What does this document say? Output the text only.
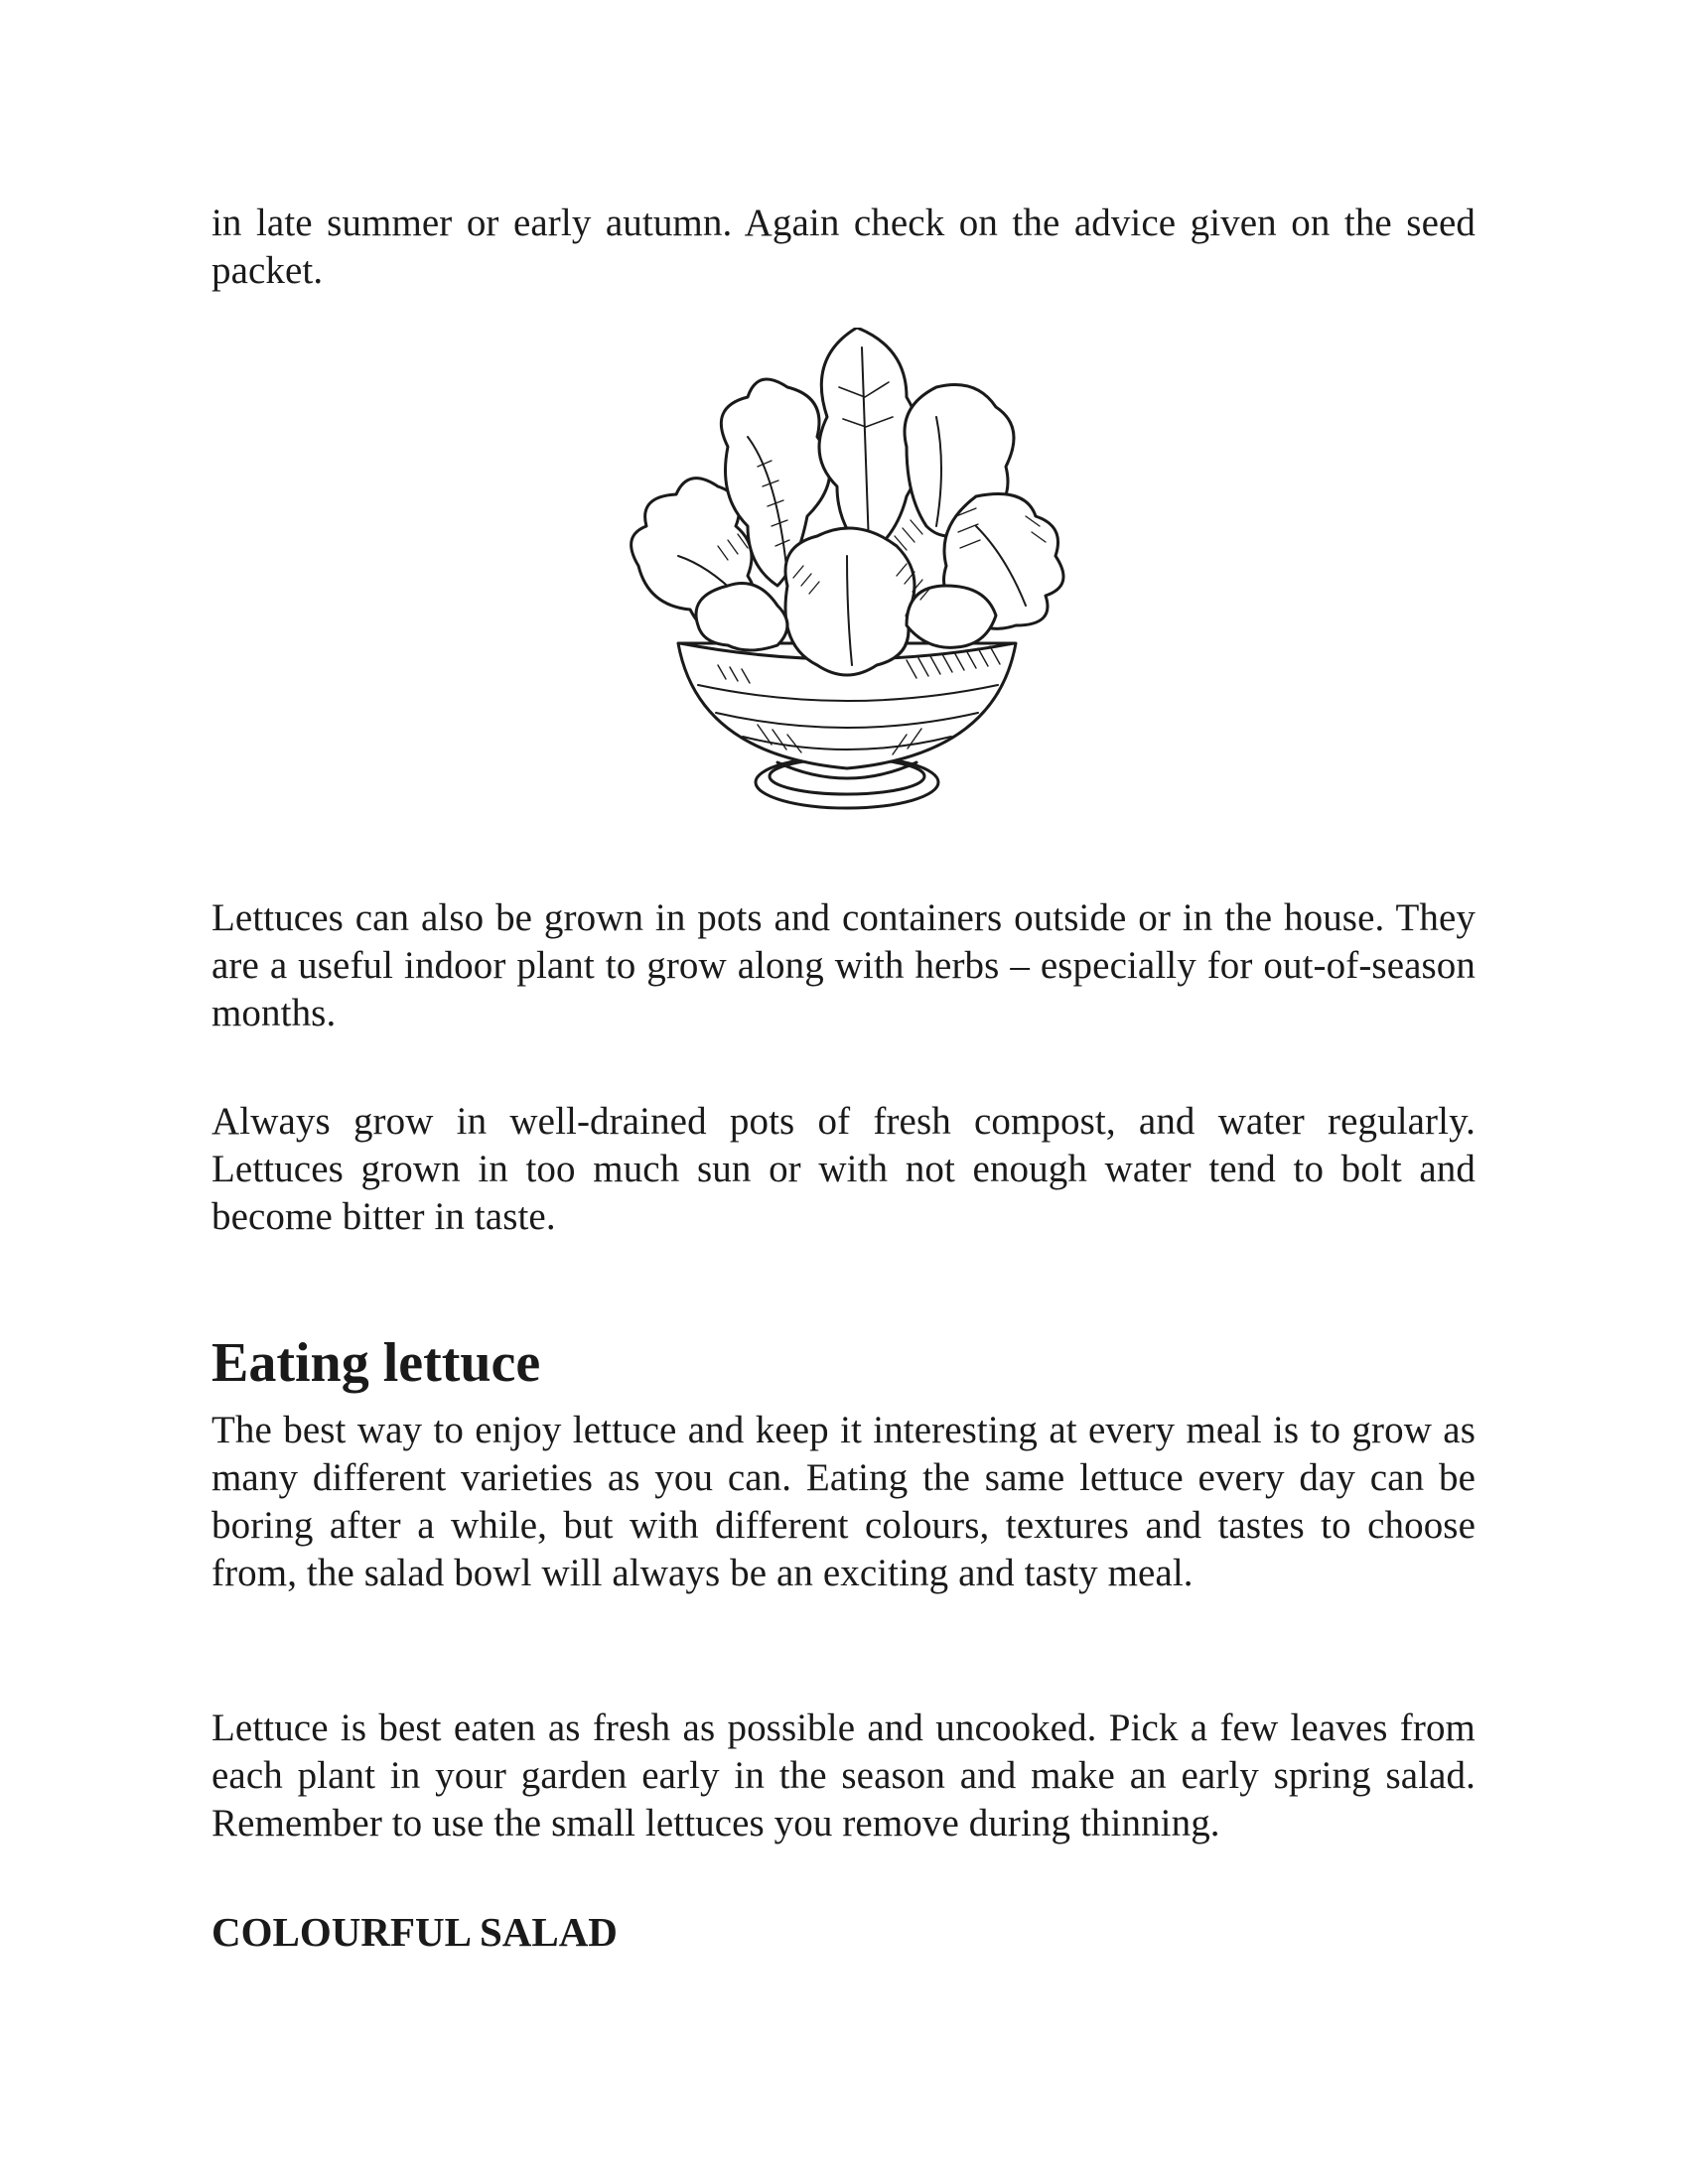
in late summer or early autumn. Again check on the advice given on the seed packet.

Lettuces can also be grown in pots and containers outside or in the house. They are a useful indoor plant to grow along with herbs – especially for out-of-season months.

Always grow in well-drained pots of fresh compost, and water regularly. Lettuces grown in too much sun or with not enough water tend to bolt and become bitter in taste.

Eating lettuce

The best way to enjoy lettuce and keep it interesting at every meal is to grow as many different varieties as you can. Eating the same lettuce every day can be boring after a while, but with different colours, textures and tastes to choose from, the salad bowl will always be an exciting and tasty meal.

Lettuce is best eaten as fresh as possible and uncooked. Pick a few leaves from each plant in your garden early in the season and make an early spring salad. Remember to use the small lettuces you remove during thinning.

COLOURFUL SALAD
